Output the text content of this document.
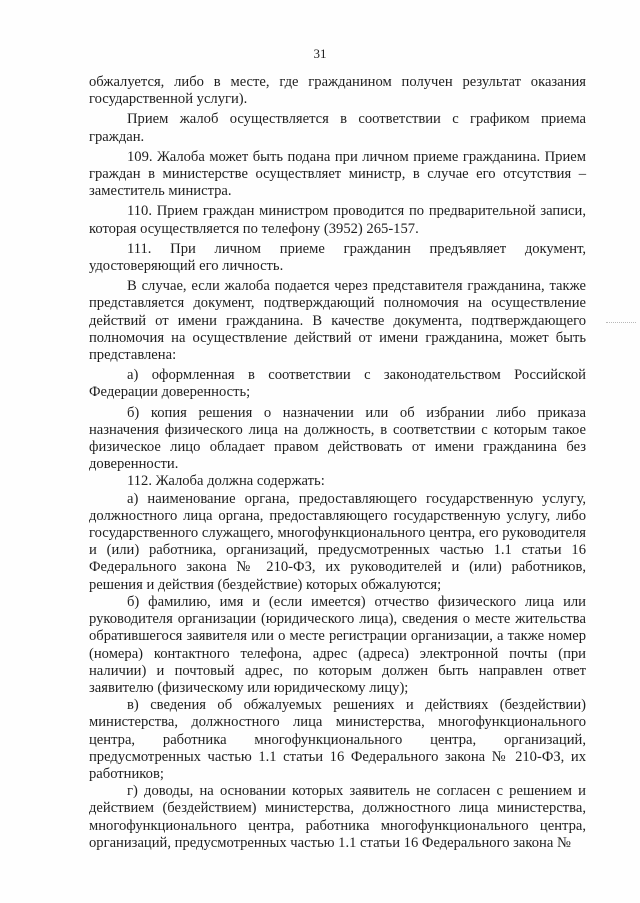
31

обжалуется, либо в месте, где гражданином получен результат оказания государственной услуги).

Прием жалоб осуществляется в соответствии с графиком приема граждан.

109. Жалоба может быть подана при личном приеме гражданина. Прием граждан в министерстве осуществляет министр, в случае его отсутствия – заместитель министра.

110. Прием граждан министром проводится по предварительной записи, которая осуществляется по телефону (3952) 265-157.

111. При личном приеме гражданин предъявляет документ, удостоверяющий его личность.

В случае, если жалоба подается через представителя гражданина, также представляется документ, подтверждающий полномочия на осуществление действий от имени гражданина. В качестве документа, подтверждающего полномочия на осуществление действий от имени гражданина, может быть представлена:

а) оформленная в соответствии с законодательством Российской Федерации доверенность;

б) копия решения о назначении или об избрании либо приказа назначения физического лица на должность, в соответствии с которым такое физическое лицо обладает правом действовать от имени гражданина без доверенности.

112. Жалоба должна содержать:

а) наименование органа, предоставляющего государственную услугу, должностного лица органа, предоставляющего государственную услугу, либо государственного служащего, многофункционального центра, его руководителя и (или) работника, организаций, предусмотренных частью 1.1 статьи 16 Федерального закона № 210-ФЗ, их руководителей и (или) работников, решения и действия (бездействие) которых обжалуются;

б) фамилию, имя и (если имеется) отчество физического лица или руководителя организации (юридического лица), сведения о месте жительства обратившегося заявителя или о месте регистрации организации, а также номер (номера) контактного телефона, адрес (адреса) электронной почты (при наличии) и почтовый адрес, по которым должен быть направлен ответ заявителю (физическому или юридическому лицу);

в) сведения об обжалуемых решениях и действиях (бездействии) министерства, должностного лица министерства, многофункционального центра, работника многофункционального центра, организаций, предусмотренных частью 1.1 статьи 16 Федерального закона № 210-ФЗ, их работников;

г) доводы, на основании которых заявитель не согласен с решением и действием (бездействием) министерства, должностного лица министерства, многофункционального центра, работника многофункционального центра, организаций, предусмотренных частью 1.1 статьи 16 Федерального закона №
